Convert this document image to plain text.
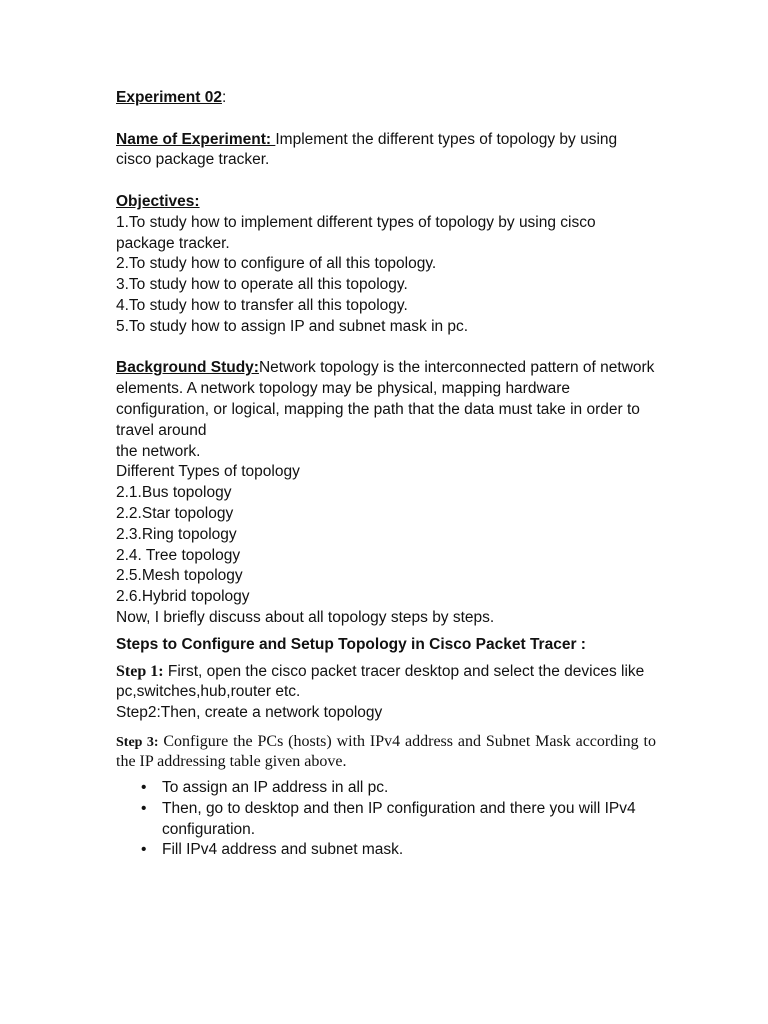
Experiment 02:

Name of Experiment: Implement the different types of topology by using cisco package tracker.

Objectives:

1.To study how to implement different types of topology by using cisco package tracker.
2.To study how to configure of all this topology.
3.To study how to operate all this topology.
4.To study how to transfer all this topology.
5.To study how to assign IP and subnet mask in pc.

Background Study:Network topology is the interconnected pattern of network elements. A network topology may be physical, mapping hardware configuration, or logical, mapping the path that the data must take in order to travel around

the network.
Different Types of topology
2.1.Bus topology
2.2.Star topology
2.3.Ring topology
2.4. Tree topology
2.5.Mesh topology
2.6.Hybrid topology
Now, I briefly discuss about all topology steps by steps.

Steps to Configure and Setup Topology in Cisco Packet Tracer :

Step 1: First, open the cisco packet tracer desktop and select the devices like pc,switches,hub,router etc.

Step2:Then, create a network topology

Step 3: Configure the PCs (hosts) with IPv4 address and Subnet Mask according to the IP addressing table given above.

• To assign an IP address in all pc.
• Then, go to desktop and then IP configuration and there you will IPv4 configuration.
• Fill IPv4 address and subnet mask.
